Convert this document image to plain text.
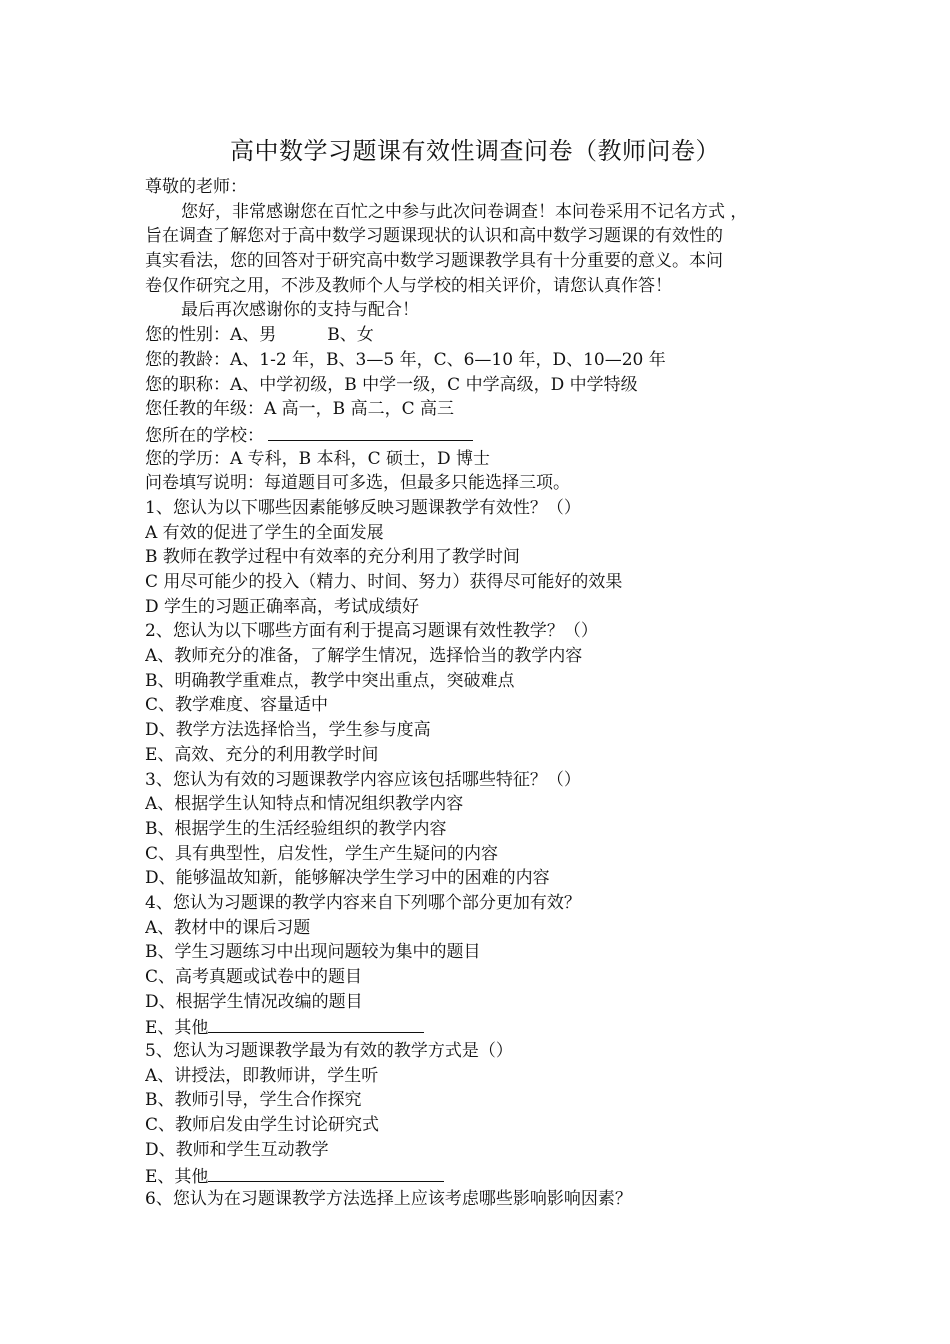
高中数学习题课有效性调查问卷（教师问卷）
尊敬的老师：
您好，非常感谢您在百忙之中参与此次问卷调查！本问卷采用不记名方式 ，
旨在调查了解您对于高中数学习题课现状的认识和高中数学习题课的有效性的
真实看法，您的回答对于研究高中数学习题课教学具有十分重要的意义。本问
卷仅作研究之用，不涉及教师个人与学校的相关评价，请您认真作答！
最后再次感谢你的支持与配合！
您的性别：A、男　　　B、女
您的教龄：A、1-2 年，B、3—5 年，C、6—10 年，D、10—20 年
您的职称：A、中学初级，B 中学一级，C 中学高级，D 中学特级
您任教的年级：A 高一，B 高二，C 高三
您所在的学校：
您的学历：A 专科，B 本科，C 硕士，D 博士
问卷填写说明：每道题目可多选，但最多只能选择三项。
1、您认为以下哪些因素能够反映习题课教学有效性？（）
A 有效的促进了学生的全面发展
B 教师在教学过程中有效率的充分利用了教学时间
C 用尽可能少的投入（精力、时间、努力）获得尽可能好的效果
D 学生的习题正确率高，考试成绩好
2、您认为以下哪些方面有利于提高习题课有效性教学？（）
A、教师充分的准备，了解学生情况，选择恰当的教学内容
B、明确教学重难点，教学中突出重点，突破难点
C、教学难度、容量适中
D、教学方法选择恰当，学生参与度高
E、高效、充分的利用教学时间
3、您认为有效的习题课教学内容应该包括哪些特征？（）
A、根据学生认知特点和情况组织教学内容
B、根据学生的生活经验组织的教学内容
C、具有典型性，启发性，学生产生疑问的内容
D、能够温故知新，能够解决学生学习中的困难的内容
4、您认为习题课的教学内容来自下列哪个部分更加有效？
A、教材中的课后习题
B、学生习题练习中出现问题较为集中的题目
C、高考真题或试卷中的题目
D、根据学生情况改编的题目
E、其他
5、您认为习题课教学最为有效的教学方式是（）
A、讲授法，即教师讲，学生听
B、教师引导，学生合作探究
C、教师启发由学生讨论研究式
D、教师和学生互动教学
E、其他
6、您认为在习题课教学方法选择上应该考虑哪些影响影响因素？
